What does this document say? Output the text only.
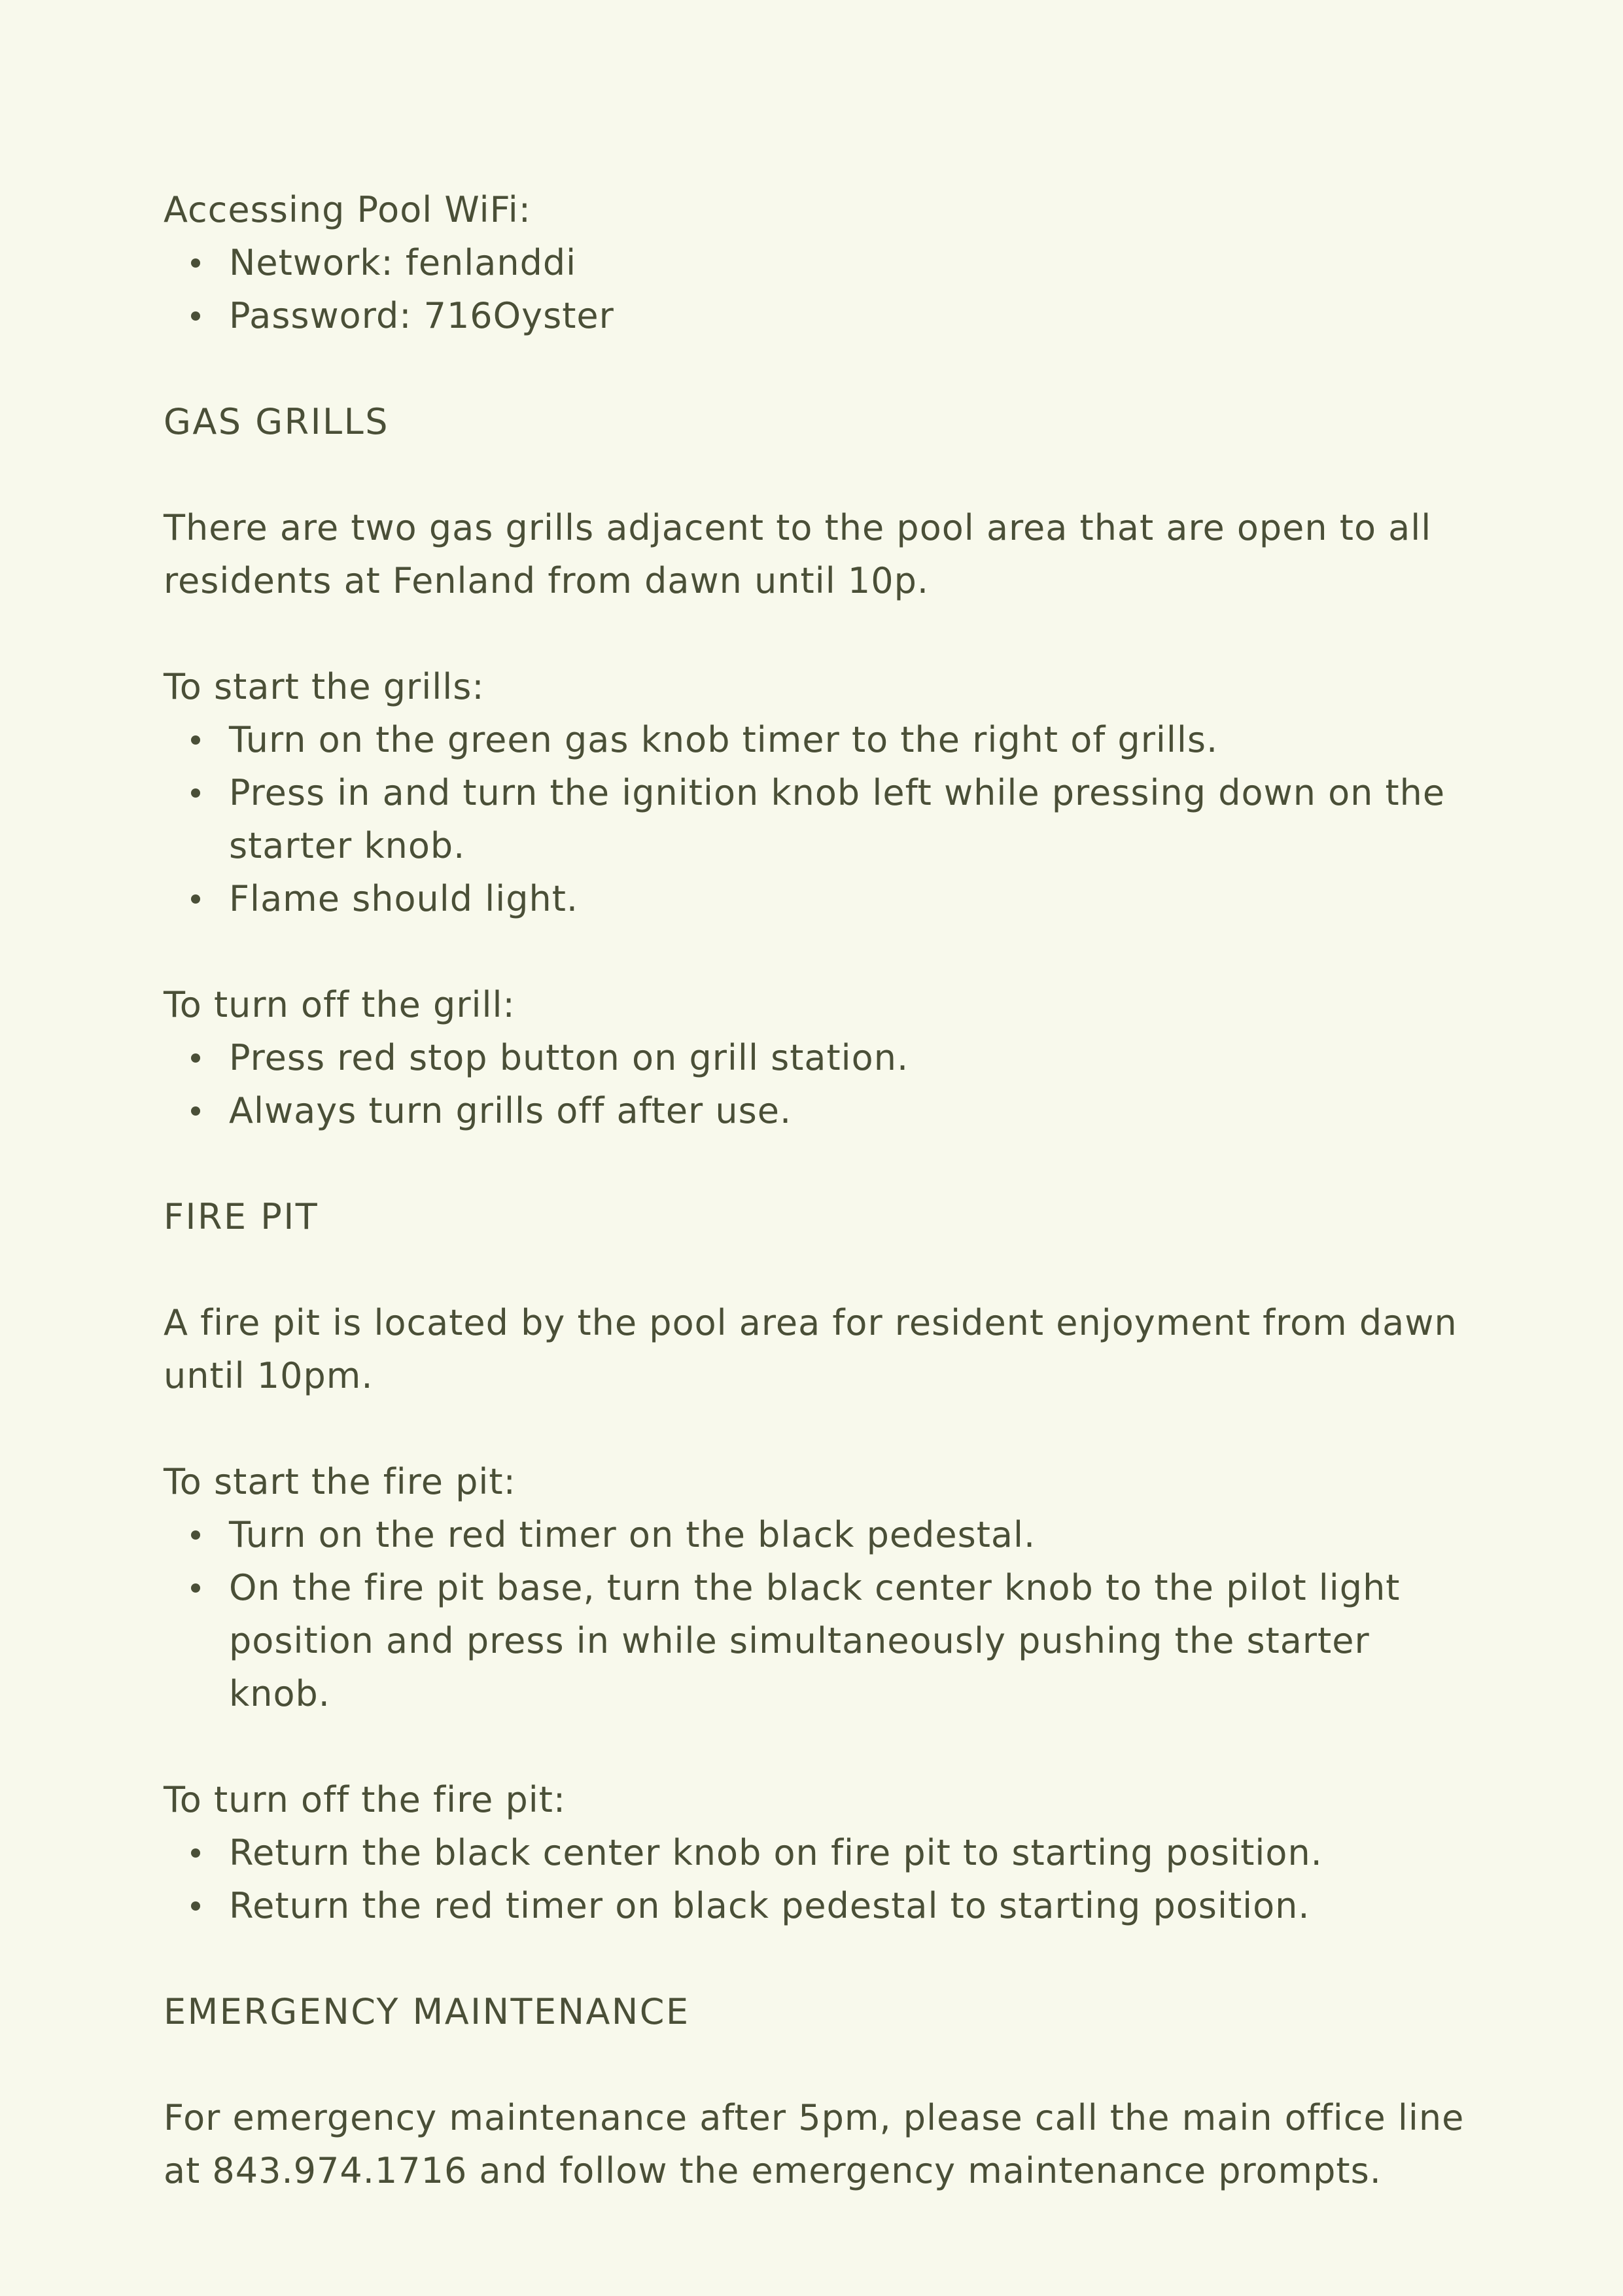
Accessing Pool WiFi:
Network: fenlanddi
Password: 716Oyster
GAS GRILLS

There are two gas grills adjacent to the pool area that are open to all
residents at Fenland from dawn until 10p.

To start the grills:
Turn on the green gas knob timer to the right of grills.
Press in and turn the ignition knob left while pressing down on the
starter knob.
Flame should light.
To turn off the grill:
Press red stop button on grill station.
Always turn grills off after use.
FIRE PIT

A fire pit is located by the pool area for resident enjoyment from dawn
until 10pm.

To start the fire pit:
Turn on the red timer on the black pedestal.
On the fire pit base, turn the black center knob to the pilot light
position and press in while simultaneously pushing the starter knob.
To turn off the fire pit:
Return the black center knob on fire pit to starting position.
Return the red timer on black pedestal to starting position.
EMERGENCY MAINTENANCE

For emergency maintenance after 5pm, please call the main office line
at 843.974.1716 and follow the emergency maintenance prompts.
